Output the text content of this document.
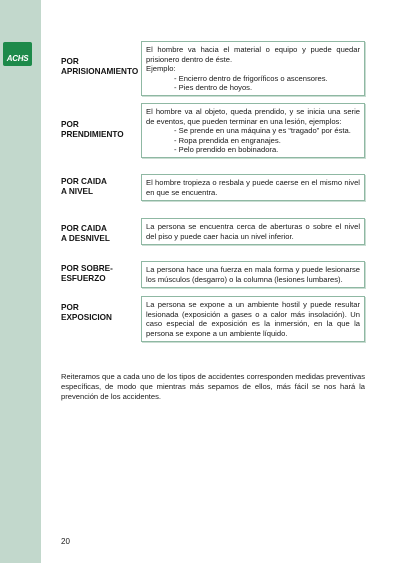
ACHS	POR
APRISIONAMIENTO

El hombre va hacia el material o equipo y puede quedar prisionero dentro de éste.

Ejemplo:

- Encierro dentro de frigoríficos o ascensores.
- Pies dentro de hoyos.
POR
PRENDIMIENTO

El hombre va al objeto, queda prendido, y se inicia una serie de eventos, que pueden terminar en una lesión, ejemplos:

- Se prende en una máquina y es “tragado” por ésta.
- Ropa prendida en engranajes.
- Pelo prendido en bobinadora.
POR CAIDA
A NIVEL

El hombre tropieza o resbala y puede caerse en el mismo nivel en que se encuentra.

POR CAIDA
A DESNIVEL

La persona se encuentra cerca de aberturas o sobre el nivel del piso y puede caer hacia un nivel inferior.

POR SOBRE-
ESFUERZO

La persona hace una fuerza en mala forma y puede lesionarse los músculos (desgarro) o la columna (lesiones lumbares).

POR
EXPOSICION

La persona se expone a un ambiente hostil y puede resultar lesionada (exposición a gases o a calor más insolación). Un caso especial de exposición es la inmersión, en la que la persona se expone a un ambiente líquido.

Reiteramos que a cada uno de los tipos de accidentes corresponden medidas preventivas específicas, de modo que mientras más sepamos de ellos, más fácil se nos hará la prevención de los accidentes.
20
